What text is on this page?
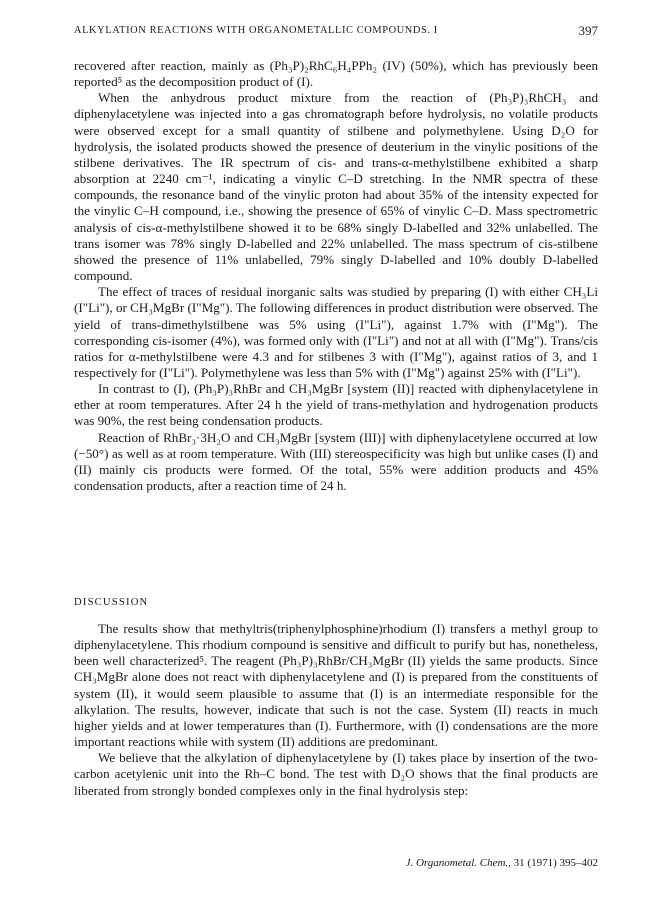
ALKYLATION REACTIONS WITH ORGANOMETALLIC COMPOUNDS. I	397

recovered after reaction, mainly as (Ph₃P)₂RhC₆H₄PPh₂ (IV) (50%), which has previously been reported⁵ as the decomposition product of (I).

When the anhydrous product mixture from the reaction of (Ph₃P)₃RhCH₃ and diphenylacetylene was injected into a gas chromatograph before hydrolysis, no volatile products were observed except for a small quantity of stilbene and polymethylene. Using D₂O for hydrolysis, the isolated products showed the presence of deuterium in the vinylic positions of the stilbene derivatives. The IR spectrum of cis- and trans-α-methylstilbene exhibited a sharp absorption at 2240 cm⁻¹, indicating a vinylic C–D stretching. In the NMR spectra of these compounds, the resonance band of the vinylic proton had about 35% of the intensity expected for the vinylic C–H compound, i.e., showing the presence of 65% of vinylic C–D. Mass spectrometric analysis of cis-α-methylstilbene showed it to be 68% singly D-labelled and 32% unlabelled. The trans isomer was 78% singly D-labelled and 22% unlabelled. The mass spectrum of cis-stilbene showed the presence of 11% unlabelled, 79% singly D-labelled and 10% doubly D-labelled compound.

The effect of traces of residual inorganic salts was studied by preparing (I) with either CH₃Li (I"Li"), or CH₃MgBr (I"Mg"). The following differences in product distribution were observed. The yield of trans-dimethylstilbene was 5% using (I"Li"), against 1.7% with (I"Mg"). The corresponding cis-isomer (4%), was formed only with (I"Li") and not at all with (I"Mg"). Trans/cis ratios for α-methylstilbene were 4.3 and for stilbenes 3 with (I"Mg"), against ratios of 3, and 1 respectively for (I"Li"). Polymethylene was less than 5% with (I"Mg") against 25% with (I"Li").

In contrast to (I), (Ph₃P)₃RhBr and CH₃MgBr [system (II)] reacted with diphenylacetylene in ether at room temperatures. After 24 h the yield of trans-methylation and hydrogenation products was 90%, the rest being condensation products.

Reaction of RhBr₃·3H₂O and CH₃MgBr [system (III)] with diphenylacetylene occurred at low (−50°) as well as at room temperature. With (III) stereospecificity was high but unlike cases (I) and (II) mainly cis products were formed. Of the total, 55% were addition products and 45% condensation products, after a reaction time of 24 h.

DISCUSSION

The results show that methyltris(triphenylphosphine)rhodium (I) transfers a methyl group to diphenylacetylene. This rhodium compound is sensitive and difficult to purify but has, nonetheless, been well characterized⁵. The reagent (Ph₃P)₃RhBr/CH₃MgBr (II) yields the same products. Since CH₃MgBr alone does not react with diphenylacetylene and (I) is prepared from the constituents of system (II), it would seem plausible to assume that (I) is an intermediate responsible for the alkylation. The results, however, indicate that such is not the case. System (II) reacts in much higher yields and at lower temperatures than (I). Furthermore, with (I) condensations are the more important reactions while with system (II) additions are predominant.

We believe that the alkylation of diphenylacetylene by (I) takes place by insertion of the two-carbon acetylenic unit into the Rh–C bond. The test with D₂O shows that the final products are liberated from strongly bonded complexes only in the final hydrolysis step:

J. Organometal. Chem., 31 (1971) 395–402
